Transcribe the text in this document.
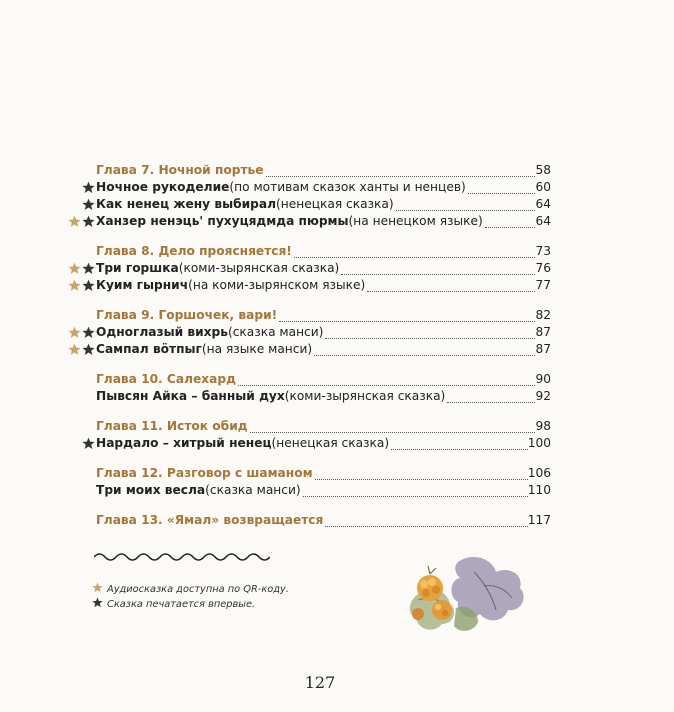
Глава 7. Ночной портье	58
Ночное рукоделие (по мотивам сказок ханты и ненцев)	60
Как ненец жену выбирал (ненецкая сказка)	64
Ханзер ненэць' пухуцядмда пюрмы (на ненецком языке)	64
Глава 8. Дело проясняется!	73
Три горшка (коми-зырянская сказка)	76
Куим гырнич (на коми-зырянском языке)	77
Глава 9. Горшочек, вари!	82
Одноглазый вихрь (сказка манси)	87
Сампал вӧтпыг (на языке манси)	87
Глава 10. Салехард	90
Пывсян Айка – банный дух (коми-зырянская сказка)	92
Глава 11. Исток обид	98
Нардало – хитрый ненец (ненецкая сказка)	100
Глава 12. Разговор с шаманом	106
Три моих весла (сказка манси)	110
Глава 13. «Ямал» возвращается	117
Аудиосказка доступна по QR-коду.
Сказка печатается впервые.
127
